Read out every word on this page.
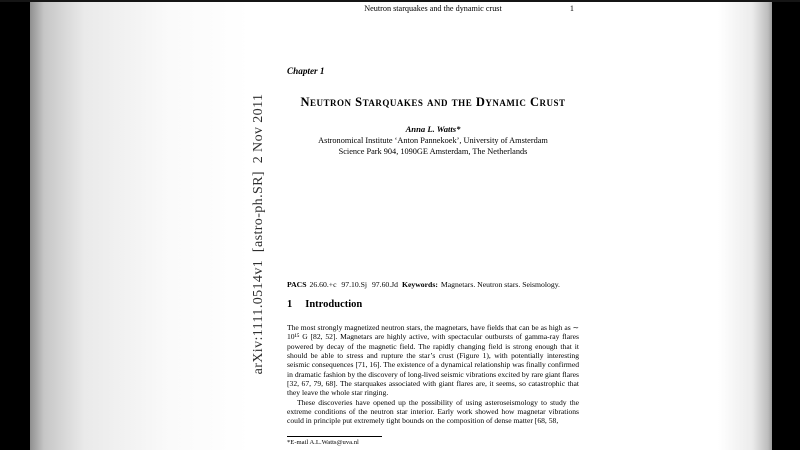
arXiv:1111.0514v1  [astro-ph.SR]  2 Nov 2011
Neutron starquakes and the dynamic crust	1
Chapter 1
Neutron Starquakes and the Dynamic Crust
Anna L. Watts*
Astronomical Institute ‘Anton Pannekoek’, University of Amsterdam
Science Park 904, 1090GE Amsterdam, The Netherlands
PACS 26.60.+c 97.10.Sj 97.60.Jd Keywords: Magnetars. Neutron stars. Seismology.
1 Introduction
The most strongly magnetized neutron stars, the magnetars, have fields that can be as high as ∼ 10¹⁵ G [82, 52]. Magnetars are highly active, with spectacular outbursts of gamma-ray flares powered by decay of the magnetic field. The rapidly changing field is strong enough that it should be able to stress and rupture the star’s crust (Figure 1), with potentially interesting seismic consequences [71, 16]. The existence of a dynamical relationship was finally confirmed in dramatic fashion by the discovery of long-lived seismic vibrations excited by rare giant flares [32, 67, 79, 68]. The starquakes associated with giant flares are, it seems, so catastrophic that they leave the whole star ringing.
These discoveries have opened up the possibility of using asteroseismology to study the extreme conditions of the neutron star interior. Early work showed how magnetar vibrations could in principle put extremely tight bounds on the composition of dense matter [68, 58,
*E-mail A.L.Watts@uva.nl
